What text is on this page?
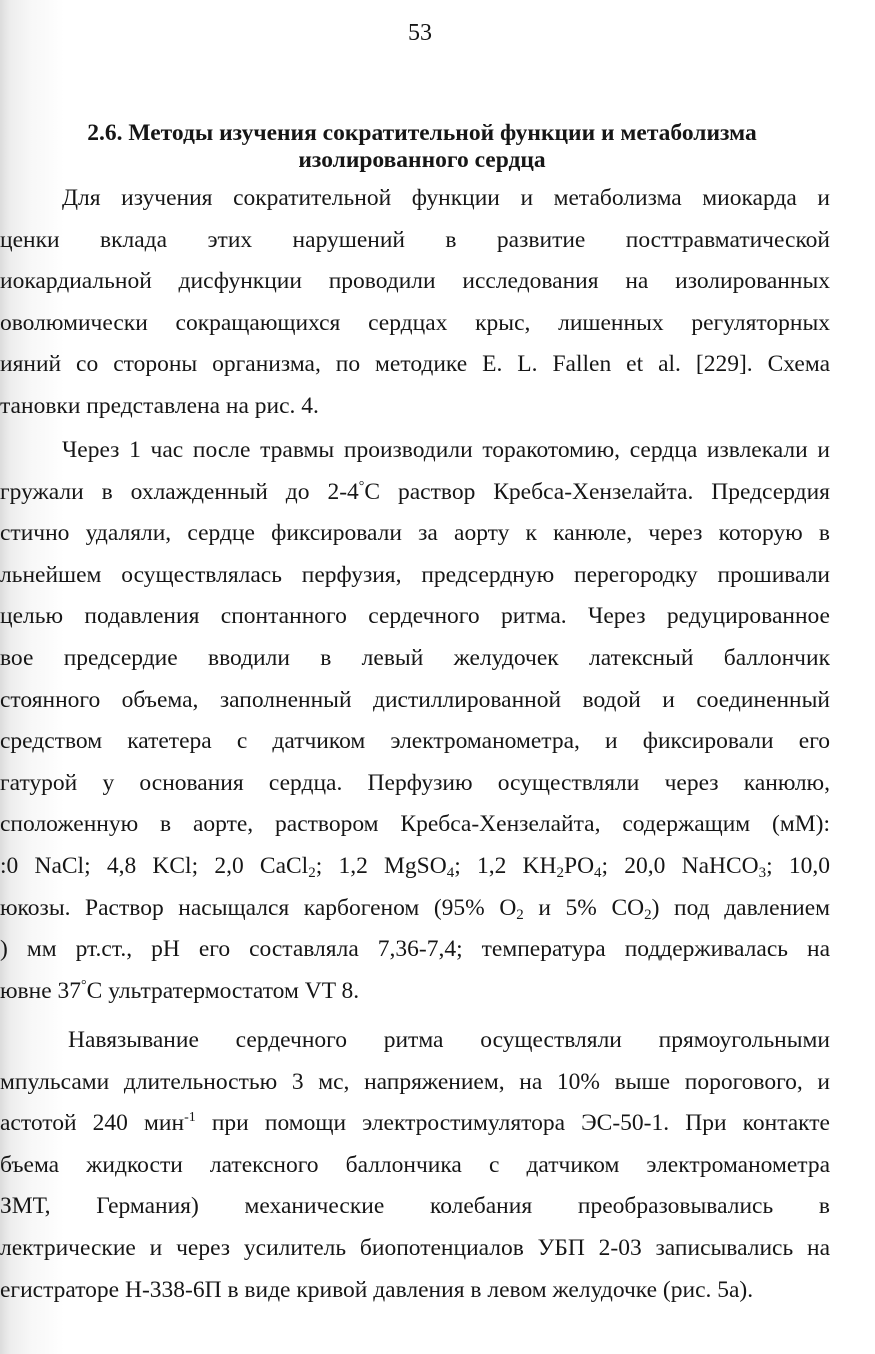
53
2.6. Методы изучения сократительной функции и метаболизма
изолированного сердца
Для изучения сократительной функции и метаболизма миокарда и
ценки вклада этих нарушений в развитие посттравматической
иокардиальной дисфункции проводили исследования на изолированных
оволюмически сокращающихся сердцах крыс, лишенных регуляторных
ияний со стороны организма, по методике E. L. Fallen et al. [229]. Схема
тановки представлена на рис. 4.
Через 1 час после травмы производили торакотомию, сердца извлекали и
гружали в охлажденный до 2-4°С раствор Кребса-Хензелайта. Предсердия
стично удаляли, сердце фиксировали за аорту к канюле, через которую в
льнейшем осуществлялась перфузия, предсердную перегородку прошивали
целью подавления спонтанного сердечного ритма. Через редуцированное
вое предсердие вводили в левый желудочек латексный баллончик
стоянного объема, заполненный дистиллированной водой и соединенный
средством катетера с датчиком электроманометра, и фиксировали его
гатурой у основания сердца. Перфузию осуществляли через канюлю,
сположенную в аорте, раствором Кребса-Хензелайта, содержащим (мМ):
:0 NaCl; 4,8 KCl; 2,0 CaCl$_2$; 1,2 MgSO$_4$; 1,2 $KH_2PO_4$; 20,0 NaHCO$_3$; 10,0
юкозы. Раствор насыщался карбогеном (95% $O_2$ и 5% $CO_2$) под давлением
) мм рт.ст., pH его составляла 7,36-7,4; температура поддерживалась на
ювне 37°С ультратермостатом VT 8.
Навязывание сердечного ритма осуществляли прямоугольными
мпульсами длительностью 3 мс, напряжением, на 10% выше порогового, и
астотой 240 мин$^{-1}$ при помощи электростимулятора ЭС-50-1. При контакте
бъема жидкости латексного баллончика с датчиком электроманометра
ЗМТ, Германия) механические колебания преобразовывались в
лектрические и через усилитель биопотенциалов УБП 2-03 записывались на
егистраторе Н-338-6П в виде кривой давления в левом желудочке (рис. 5а).
